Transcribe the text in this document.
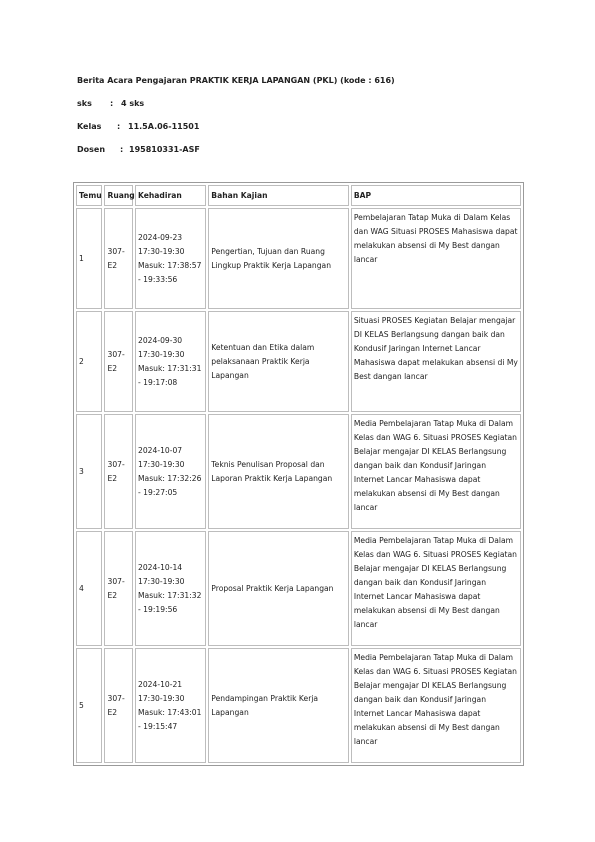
Berita Acara Pengajaran PRAKTIK KERJA LAPANGAN (PKL) (kode : 616)
sks : 4 sks
Kelas : 11.5A.06-11501
Dosen : 195810331-ASF
Temu	Ruang	Kehadiran	Bahan Kajian	BAP
1	307-E2	2024-09-23 17:30-19:30 Masuk: 17:38:57 - 19:33:56	Pengertian, Tujuan dan Ruang Lingkup Praktik Kerja Lapangan	Pembelajaran Tatap Muka di Dalam Kelas dan WAG Situasi PROSES Mahasiswa dapat melakukan absensi di My Best dangan lancar
2	307-E2	2024-09-30 17:30-19:30 Masuk: 17:31:31 - 19:17:08	Ketentuan dan Etika dalam pelaksanaan Praktik Kerja Lapangan	Situasi PROSES Kegiatan Belajar mengajar DI KELAS Berlangsung dangan baik dan Kondusif Jaringan Internet Lancar Mahasiswa dapat melakukan absensi di My Best dangan lancar
3	307-E2	2024-10-07 17:30-19:30 Masuk: 17:32:26 - 19:27:05	Teknis Penulisan Proposal dan Laporan Praktik Kerja Lapangan	Media Pembelajaran Tatap Muka di Dalam Kelas dan WAG 6. Situasi PROSES Kegiatan Belajar mengajar DI KELAS Berlangsung dangan baik dan Kondusif Jaringan Internet Lancar Mahasiswa dapat melakukan absensi di My Best dangan lancar
4	307-E2	2024-10-14 17:30-19:30 Masuk: 17:31:32 - 19:19:56	Proposal Praktik Kerja Lapangan	Media Pembelajaran Tatap Muka di Dalam Kelas dan WAG 6. Situasi PROSES Kegiatan Belajar mengajar DI KELAS Berlangsung dangan baik dan Kondusif Jaringan Internet Lancar Mahasiswa dapat melakukan absensi di My Best dangan lancar
5	307-E2	2024-10-21 17:30-19:30 Masuk: 17:43:01 - 19:15:47	Pendampingan Praktik Kerja Lapangan	Media Pembelajaran Tatap Muka di Dalam Kelas dan WAG 6. Situasi PROSES Kegiatan Belajar mengajar DI KELAS Berlangsung dangan baik dan Kondusif Jaringan Internet Lancar Mahasiswa dapat melakukan absensi di My Best dangan lancar
